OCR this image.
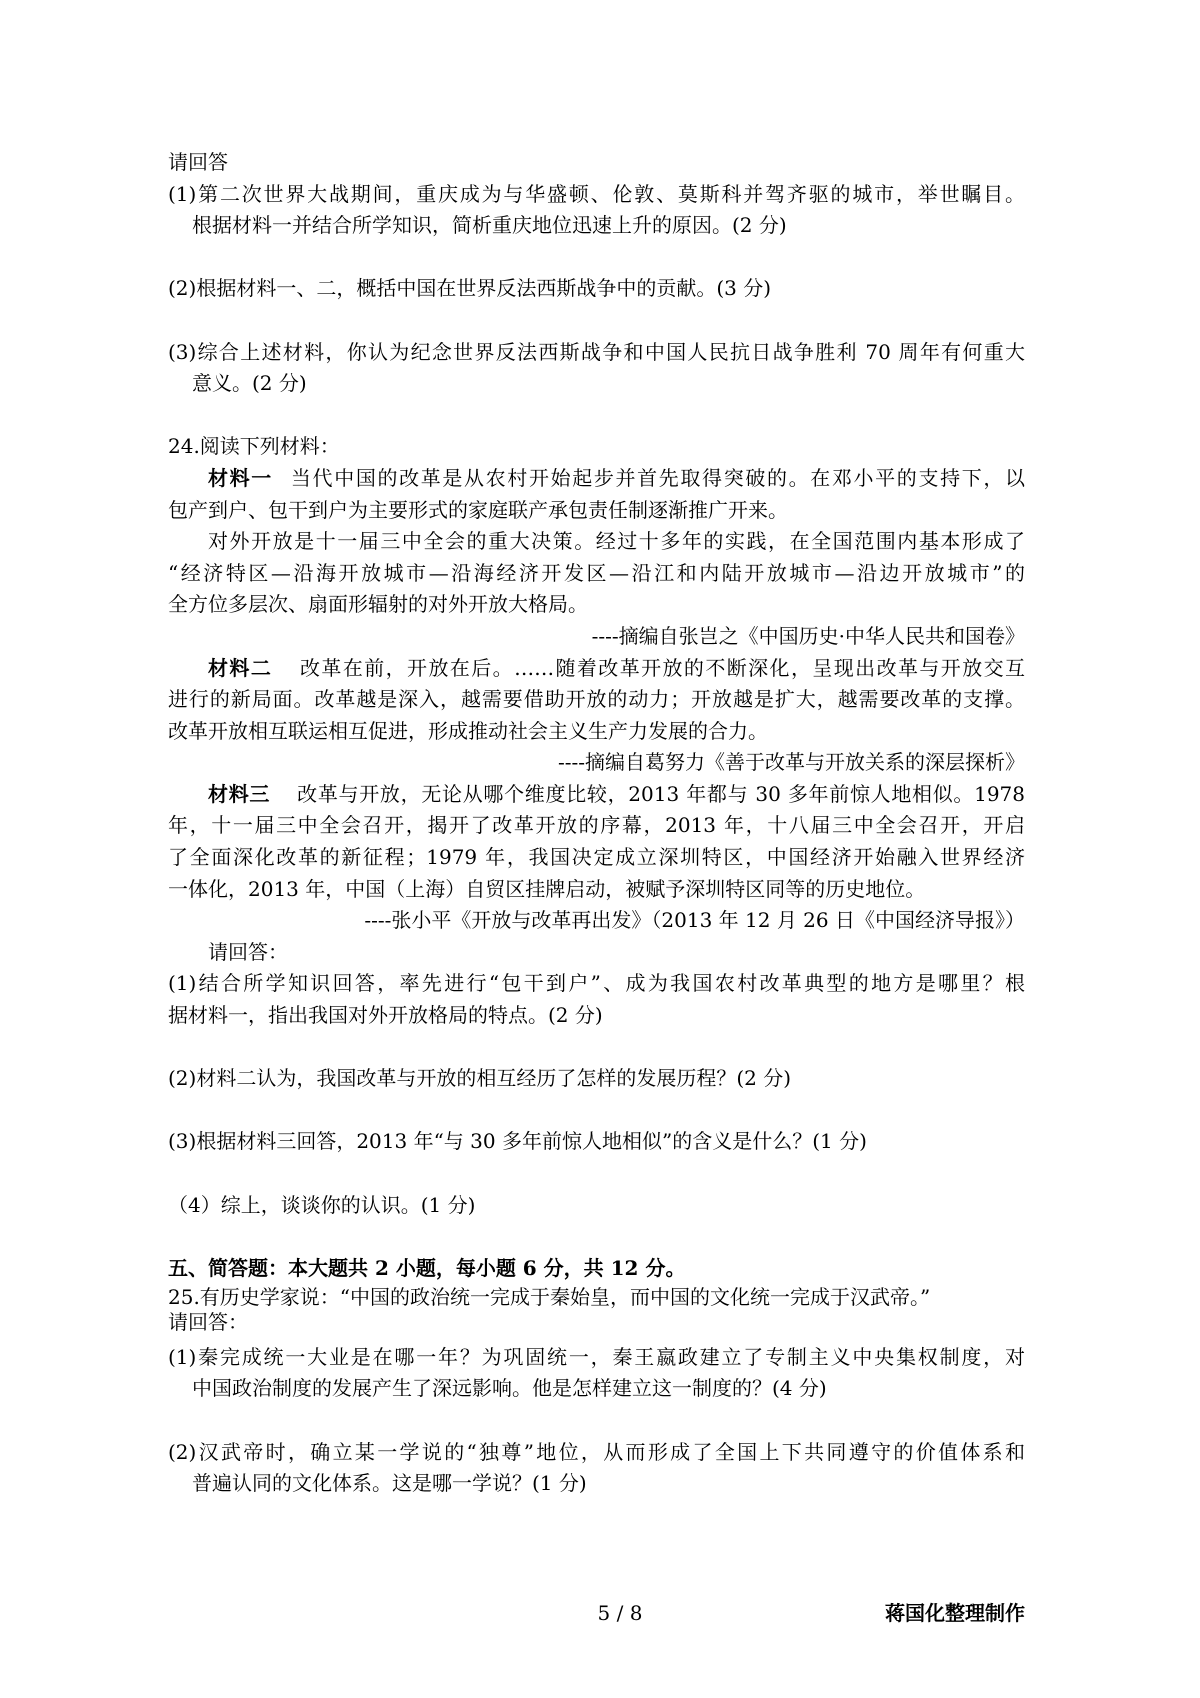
请回答
(1)第二次世界大战期间，重庆成为与华盛顿、伦敦、莫斯科并驾齐驱的城市，举世瞩目。
根据材料一并结合所学知识，简析重庆地位迅速上升的原因。(2 分)
(2)根据材料一、二，概括中国在世界反法西斯战争中的贡献。(3 分)
(3)综合上述材料，你认为纪念世界反法西斯战争和中国人民抗日战争胜利 70 周年有何重大
意义。(2 分)
24.阅读下列材料：
材料一 当代中国的改革是从农村开始起步并首先取得突破的。在邓小平的支持下，以
包产到户、包干到户为主要形式的家庭联产承包责任制逐渐推广开来。
对外开放是十一届三中全会的重大决策。经过十多年的实践，在全国范围内基本形成了
“经济特区—沿海开放城市—沿海经济开发区—沿江和内陆开放城市—沿边开放城市”的
全方位多层次、扇面形辐射的对外开放大格局。
----摘编自张岂之《中国历史·中华人民共和国卷》
材料二 改革在前，开放在后。……随着改革开放的不断深化，呈现出改革与开放交互
进行的新局面。改革越是深入，越需要借助开放的动力；开放越是扩大，越需要改革的支撑。
改革开放相互联运相互促进，形成推动社会主义生产力发展的合力。
----摘编自葛努力《善于改革与开放关系的深层探析》
材料三 改革与开放，无论从哪个维度比较，2013 年都与 30 多年前惊人地相似。1978
年，十一届三中全会召开，揭开了改革开放的序幕，2013 年，十八届三中全会召开，开启
了全面深化改革的新征程；1979 年，我国决定成立深圳特区，中国经济开始融入世界经济
一体化，2013 年，中国（上海）自贸区挂牌启动，被赋予深圳特区同等的历史地位。
----张小平《开放与改革再出发》（2013 年 12 月 26 日《中国经济导报》）
请回答：
(1)结合所学知识回答，率先进行“包干到户”、成为我国农村改革典型的地方是哪里？根
据材料一，指出我国对外开放格局的特点。(2 分)
(2)材料二认为，我国改革与开放的相互经历了怎样的发展历程？(2 分)
(3)根据材料三回答，2013 年“与 30 多年前惊人地相似”的含义是什么？(1 分)
（4）综上，谈谈你的认识。(1 分)
五、简答题：本大题共 2 小题，每小题 6 分，共 12 分。
25.有历史学家说：“中国的政治统一完成于秦始皇，而中国的文化统一完成于汉武帝。”
请回答：
(1)秦完成统一大业是在哪一年？为巩固统一，秦王嬴政建立了专制主义中央集权制度，对
中国政治制度的发展产生了深远影响。他是怎样建立这一制度的？(4 分)
(2)汉武帝时，确立某一学说的“独尊”地位，从而形成了全国上下共同遵守的价值体系和
普遍认同的文化体系。这是哪一学说？(1 分)
5 / 8	蒋国化整理制作
